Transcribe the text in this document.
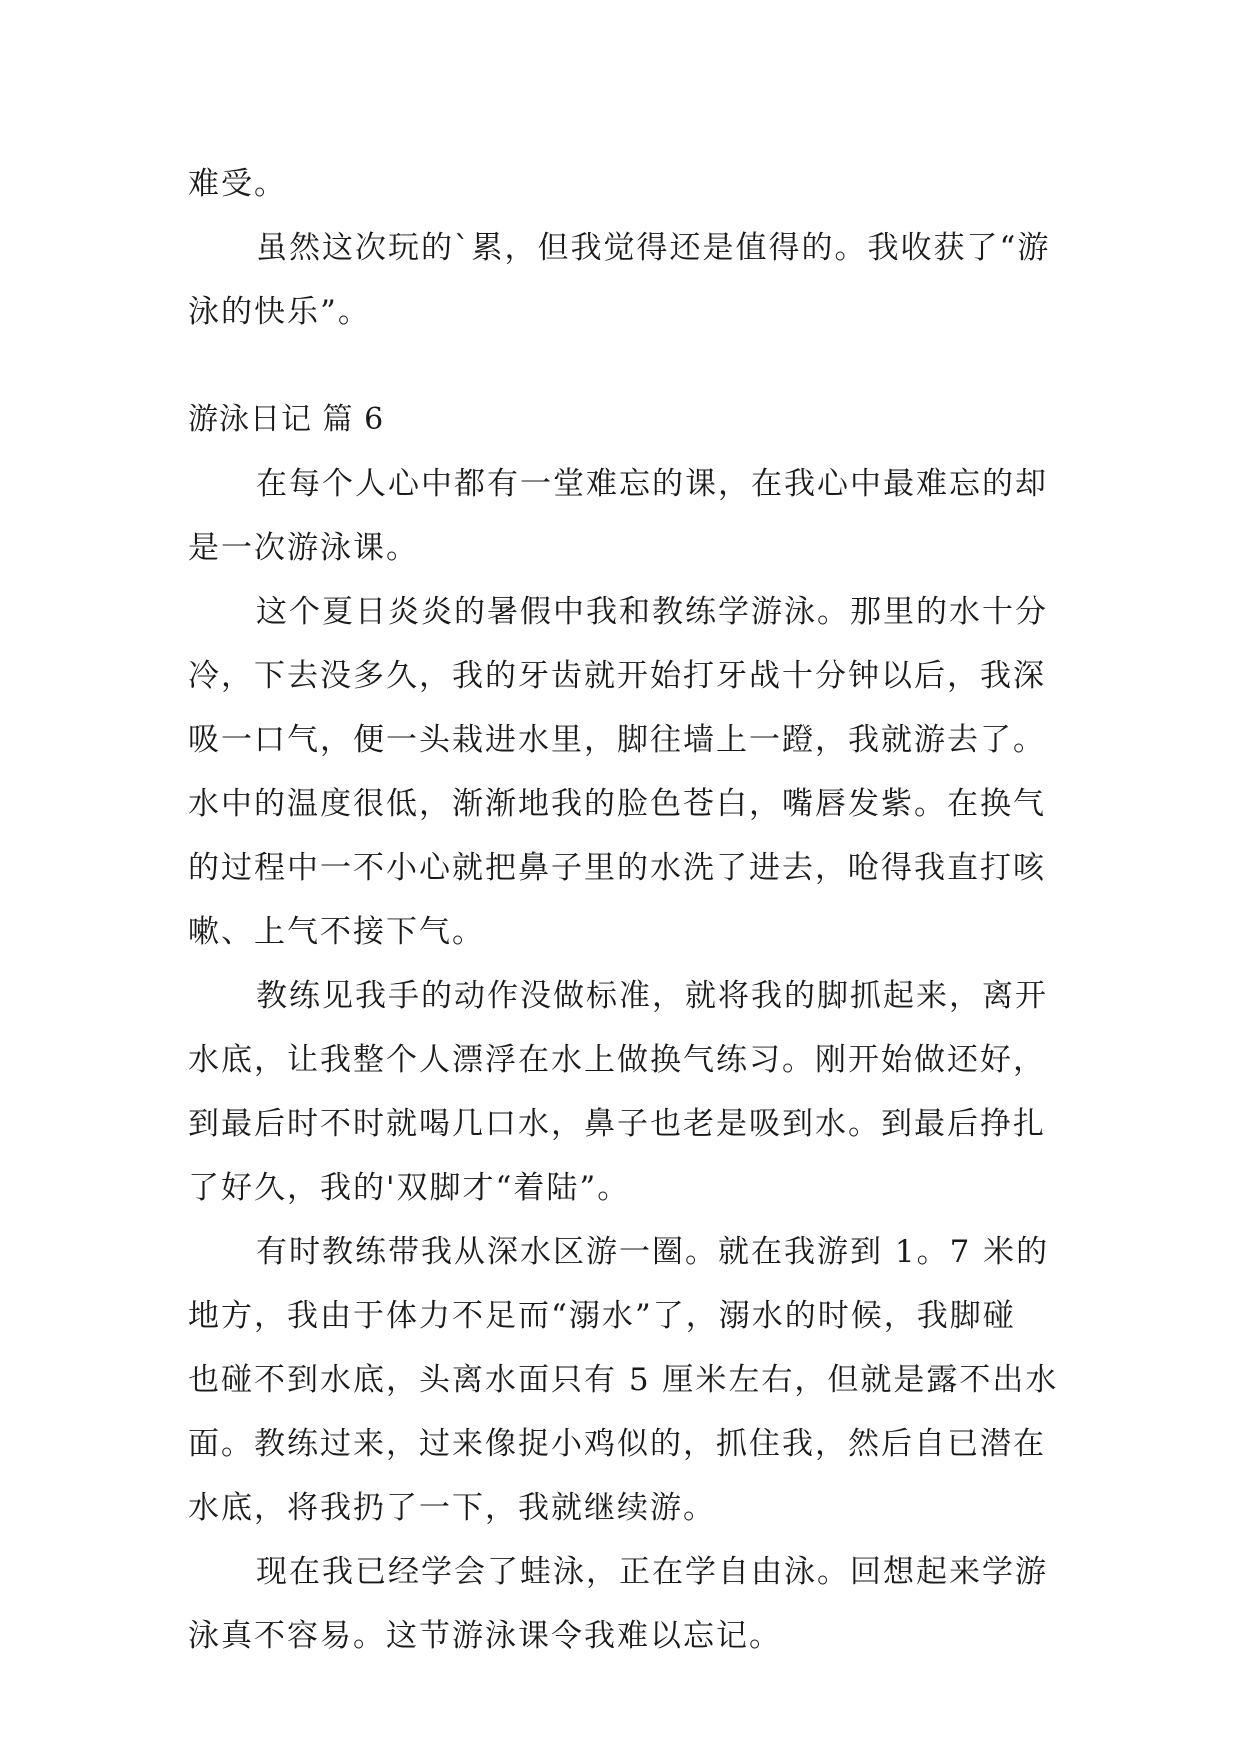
难受。
虽然这次玩的`累，但我觉得还是值得的。我收获了“游
泳的快乐”。
游泳日记 篇 6
在每个人心中都有一堂难忘的课，在我心中最难忘的却
是一次游泳课。
这个夏日炎炎的暑假中我和教练学游泳。那里的水十分
冷，下去没多久，我的牙齿就开始打牙战十分钟以后，我深
吸一口气，便一头栽进水里，脚往墙上一蹬，我就游去了。
水中的温度很低，渐渐地我的脸色苍白，嘴唇发紫。在换气
的过程中一不小心就把鼻子里的水洗了进去，呛得我直打咳
嗽、上气不接下气。
教练见我手的动作没做标准，就将我的脚抓起来，离开
水底，让我整个人漂浮在水上做换气练习。刚开始做还好，
到最后时不时就喝几口水，鼻子也老是吸到水。到最后挣扎
了好久，我的'双脚才“着陆”。
有时教练带我从深水区游一圈。就在我游到 1。7 米的
地方，我由于体力不足而“溺水”了，溺水的时候，我脚碰
也碰不到水底，头离水面只有 5 厘米左右，但就是露不出水
面。教练过来，过来像捉小鸡似的，抓住我，然后自已潜在
水底，将我扔了一下，我就继续游。
现在我已经学会了蛙泳，正在学自由泳。回想起来学游
泳真不容易。这节游泳课令我难以忘记。
